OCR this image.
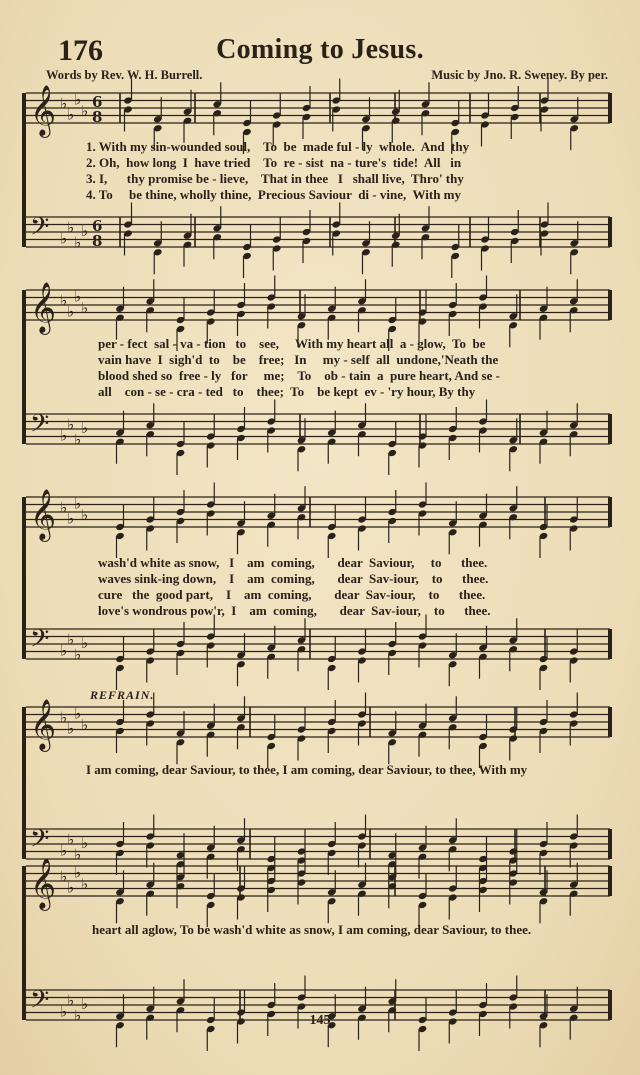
176	Coming to Jesus.
Words by Rev. W. H. Burrell.	Music by Jno. R. Sweney. By per.
𝄞 ♭
♭
♭
♭ 6
8
𝄢 ♭
♭
♭
♭ 6
8
𝄞 ♭
♭
♭
♭
𝄢 ♭
♭
♭
♭
𝄞 ♭
♭
♭
♭
𝄢 ♭
♭
♭
♭
𝄞 ♭
♭
♭
♭
𝄢 ♭
♭
♭
♭
𝄞 ♭
♭
♭
♭
𝄢 ♭
♭
♭
♭
REFRAIN.
1. With my sin-wounded soul,    To  be  made ful - ly  whole.  And  thy
2. Oh,  how long  I  have tried    To  re - sist  na - ture's  tide!  All   in
3. I,      thy promise be - lieve,    That in thee   I   shall live,  Thro' thy
4. To     be thine, wholly thine,  Precious Saviour  di - vine,  With my
per - fect  sal - va - tion   to    see,     With my heart all  a - glow,  To  be
vain have  I  sigh'd  to    be    free;   In     my - self  all  undone,'Neath the
blood shed so  free - ly   for     me;    To    ob - tain  a  pure heart, And se -
all    con - se - cra - ted   to    thee;  To    be kept  ev - 'ry hour, By thy
wash'd white as snow,   I    am  coming,       dear  Saviour,     to      thee.
waves sink-ing down,    I    am  coming,       dear  Sav-iour,    to      thee.
cure   the  good part,    I    am  coming,       dear  Sav-iour,    to      thee.
love's wondrous pow'r,  I    am  coming,       dear  Sav-iour,    to      thee.
I am coming, dear Saviour, to thee, I am coming, dear Saviour, to thee, With my
heart all aglow, To be wash'd white as snow, I am coming, dear Saviour, to thee.
145
